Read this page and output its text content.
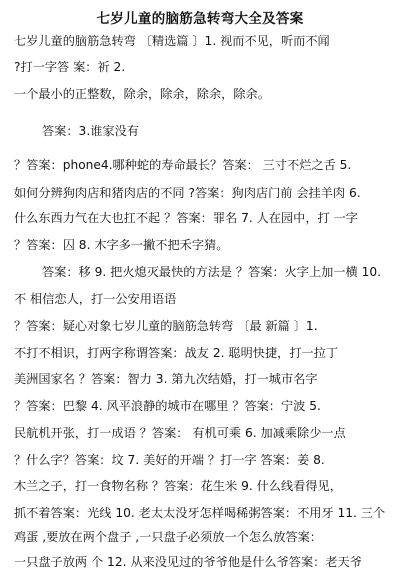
七岁儿童的脑筋急转弯大全及答案
七岁儿童的脑筋急转弯 〔精选篇 〕1. 视而不见，听而不闻
?打一字答 案：祈 2.
一个最小的正整数，除余，除余，除余，除余。
答案：3.谁家没有
？答案：phone4.哪种蛇的寿命最长？答案： 三寸不烂之舌 5.
如何分辨狗肉店和猪肉店的不同 ?答案：狗肉店门前 会挂羊肉 6.
什么东西力气在大也扛不起 ？答案：罪名 7. 人在园中，打 一字
？答案：囚 8. 木字多一撇不把禾字猜。
答案：移 9. 把火熄灭最快的方法是 ？答案：火字上加一横 10.
不 相信恋人，打一公安用语语
？答案：疑心对象七岁儿童的脑筋急转弯 〔最 新篇 〕1.
不打不相识，打两字称谓答案：战友 2. 聪明快捷，打一拉丁
美洲国家名 ？答案：智力 3. 第九次结婚，打一城市名字
？答案：巴黎 4. 风平浪静的城市在哪里 ？答案：宁波 5.
民航机开张，打一成语 ？答案： 有机可乘 6. 加减乘除少一点
？什么字？答案：坟 7. 美好的开端 ？打一字 答案：姜 8.
木兰之子，打一食物名称 ？答案：花生米 9. 什么线看得见，
抓不着答案：光线 10. 老太太没牙怎样喝稀粥答案：不用牙 11. 三个
鸡蛋 ,要放在两个盘子 ,一只盘子必须放一个怎么放答案：
一只盘子放两 个 12. 从来没见过的爷爷他是什么爷答案：老天爷
